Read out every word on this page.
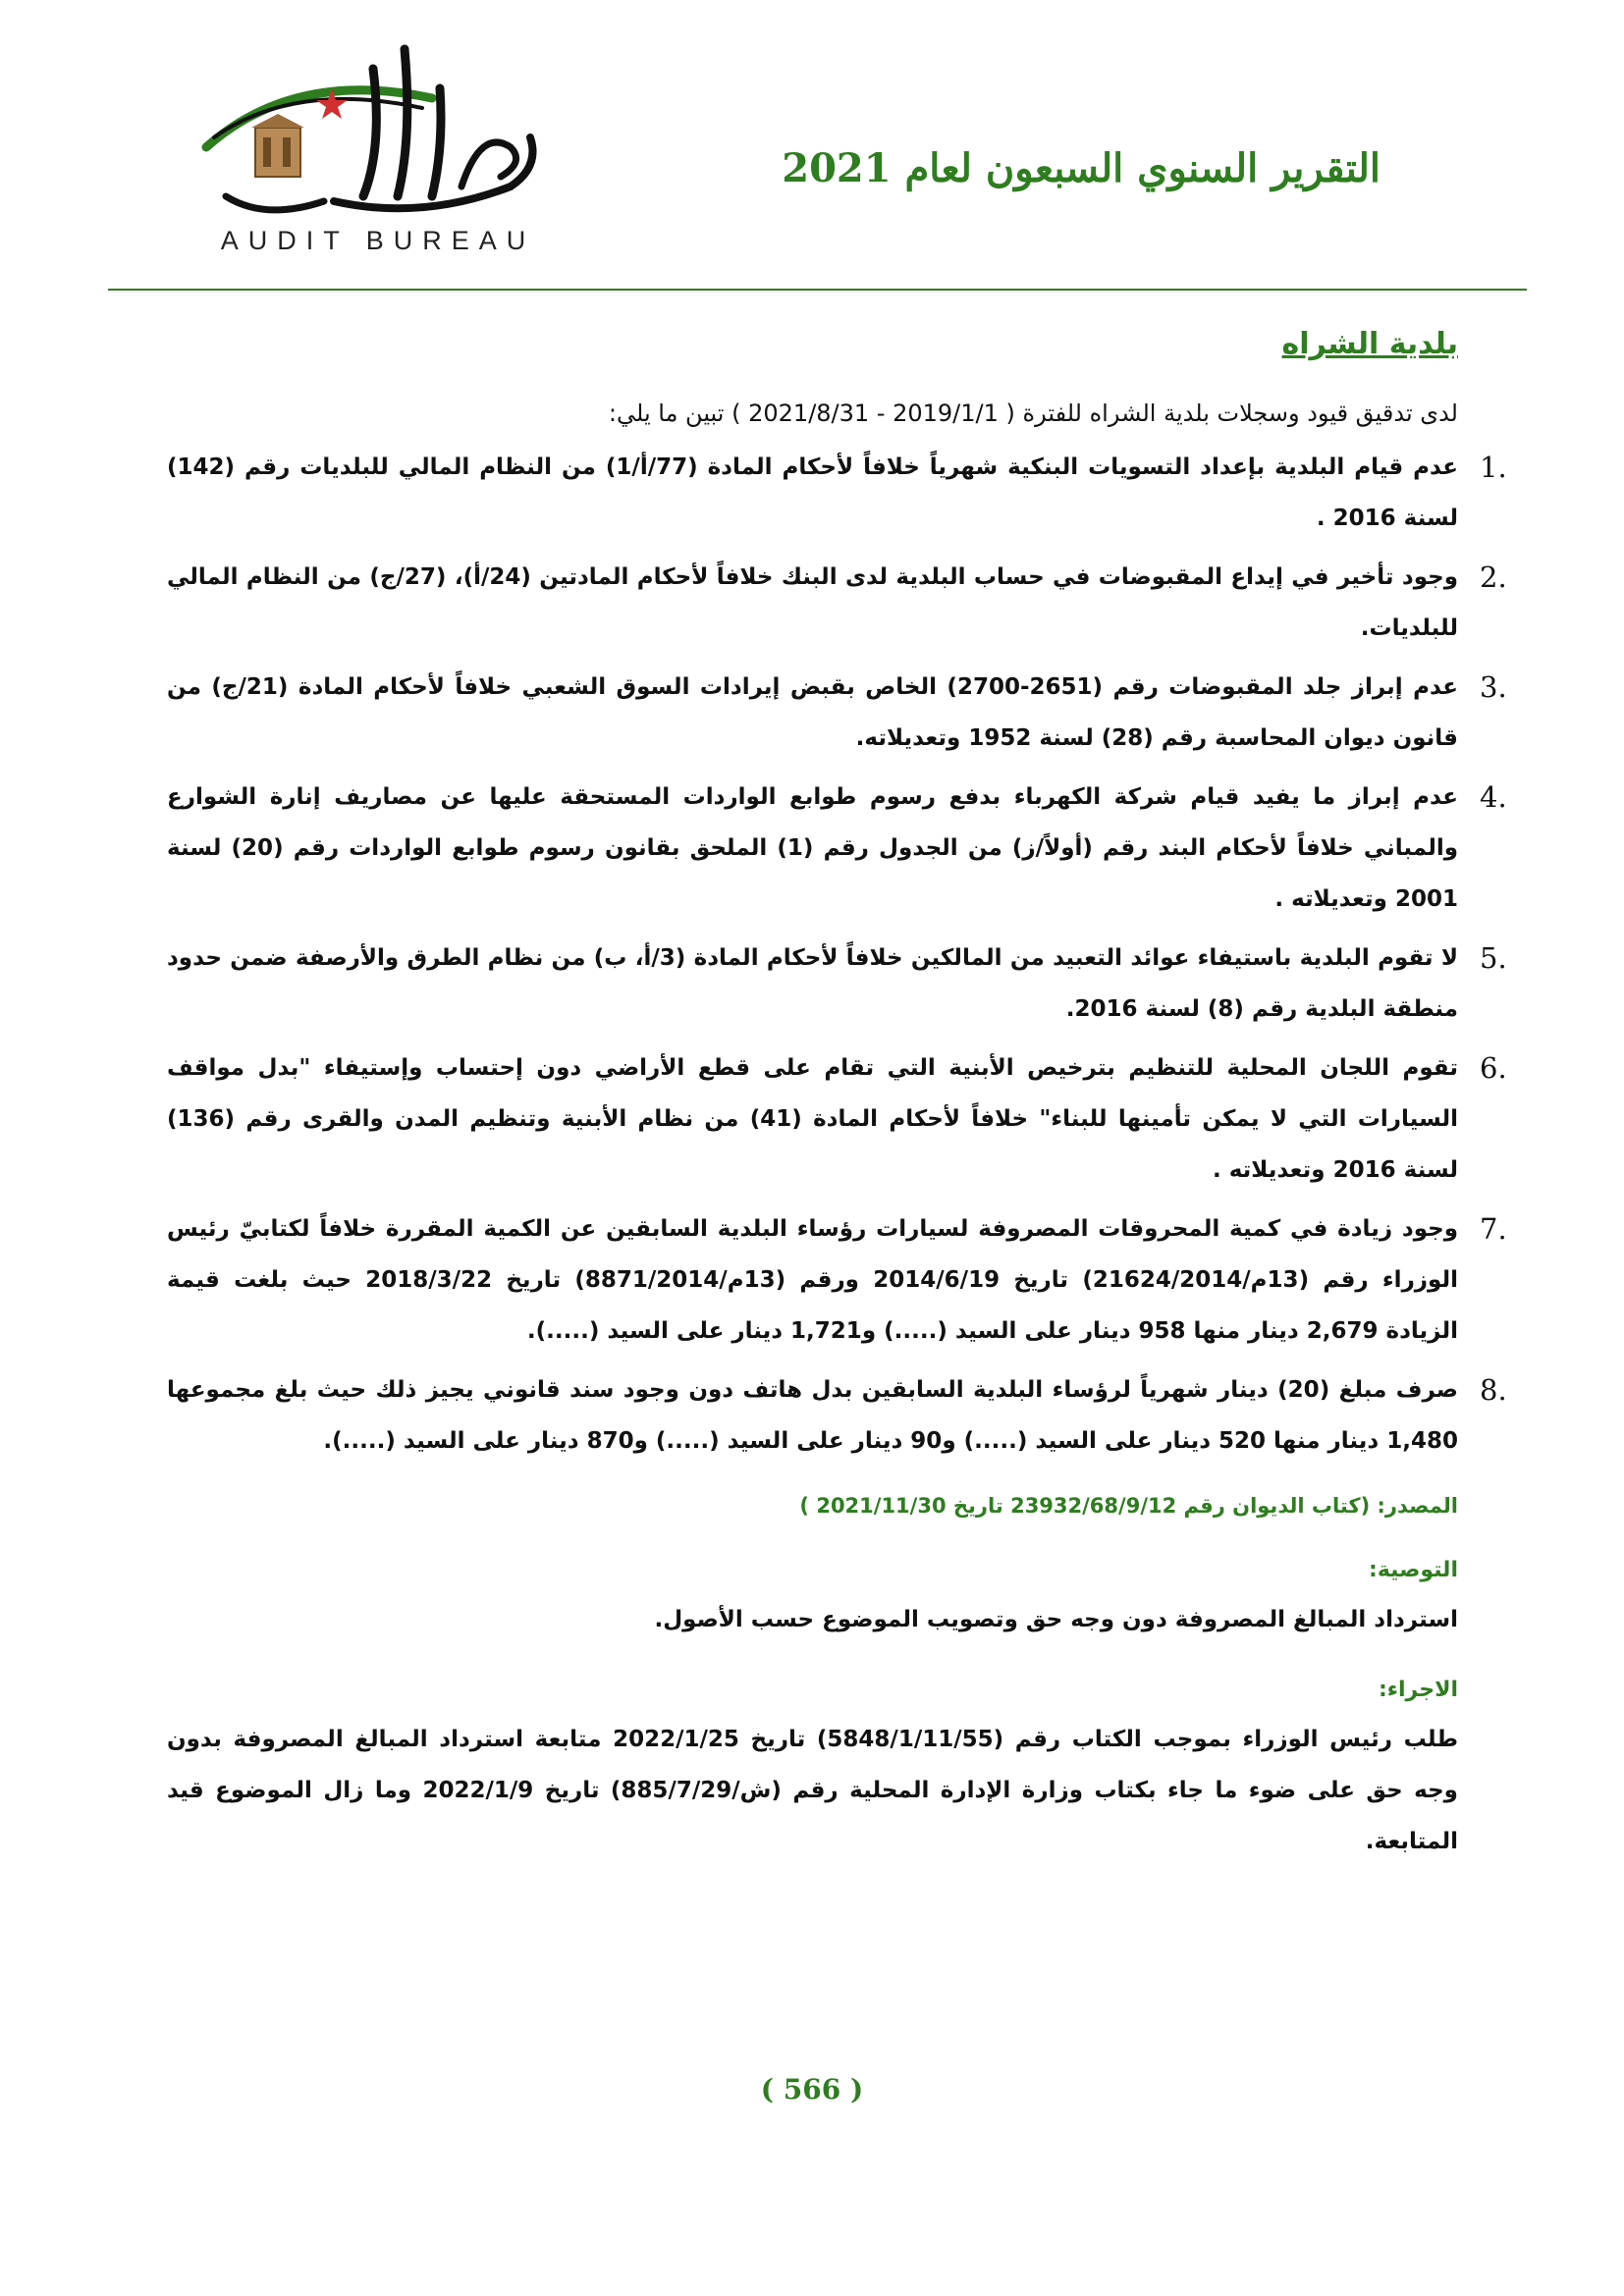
AUDIT BUREAU
التقرير السنوي السبعون لعام 2021
بلدية الشراه

لدى تدقيق قيود وسجلات بلدية الشراه للفترة ( 2019/1/1 - 2021/8/31 ) تبين ما يلي:

1.
عدم قيام البلدية بإعداد التسويات البنكية شهرياً خلافاً لأحكام المادة (77/أ/1) من النظام المالي للبلديات رقم (142) لسنة 2016 .
2.
وجود تأخير في إيداع المقبوضات في حساب البلدية لدى البنك خلافاً لأحكام المادتين (24/أ)، (27/ج) من النظام المالي للبلديات.
3.
عدم إبراز جلد المقبوضات رقم (2651-2700) الخاص بقبض إيرادات السوق الشعبي خلافاً لأحكام المادة (21/ج) من قانون ديوان المحاسبة رقم (28) لسنة 1952 وتعديلاته.
4.
عدم إبراز ما يفيد قيام شركة الكهرباء بدفع رسوم طوابع الواردات المستحقة عليها عن مصاريف إنارة الشوارع والمباني خلافاً لأحكام البند رقم (أولاً/ز) من الجدول رقم (1) الملحق بقانون رسوم طوابع الواردات رقم (20) لسنة 2001 وتعديلاته .
5.
لا تقوم البلدية باستيفاء عوائد التعبيد من المالكين خلافاً لأحكام المادة (3/أ، ب) من نظام الطرق والأرصفة ضمن حدود منطقة البلدية رقم (8) لسنة 2016.
6.
تقوم اللجان المحلية للتنظيم بترخيص الأبنية التي تقام على قطع الأراضي دون إحتساب وإستيفاء "بدل مواقف السيارات التي لا يمكن تأمينها للبناء" خلافاً لأحكام المادة (41) من نظام الأبنية وتنظيم المدن والقرى رقم (136) لسنة 2016 وتعديلاته .
7.
وجود زيادة في كمية المحروقات المصروفة لسيارات رؤساء البلدية السابقين عن الكمية المقررة خلافاً لكتابيّ رئيس الوزراء رقم (13م/21624/2014) تاريخ 2014/6/19 ورقم (13م/8871/2014) تاريخ 2018/3/22 حيث بلغت قيمة الزيادة 2,679 دينار منها 958 دينار على السيد (.....) و1,721 دينار على السيد (.....).
8.
صرف مبلغ (20) دينار شهرياً لرؤساء البلدية السابقين بدل هاتف دون وجود سند قانوني يجيز ذلك حيث بلغ مجموعها 1,480 دينار منها 520 دينار على السيد (.....) و90 دينار على السيد (.....) و870 دينار على السيد (.....).
المصدر: (كتاب الديوان رقم 23932/68/9/12 تاريخ 2021/11/30 )
التوصية:

استرداد المبالغ المصروفة دون وجه حق وتصويب الموضوع حسب الأصول.

الاجراء:

طلب رئيس الوزراء بموجب الكتاب رقم (5848/1/11/55) تاريخ 2022/1/25 متابعة استرداد المبالغ المصروفة بدون وجه حق على ضوء ما جاء بكتاب وزارة الإدارة المحلية رقم (ش/885/7/29) تاريخ 2022/1/9 وما زال الموضوع قيد المتابعة.

( 566 )
